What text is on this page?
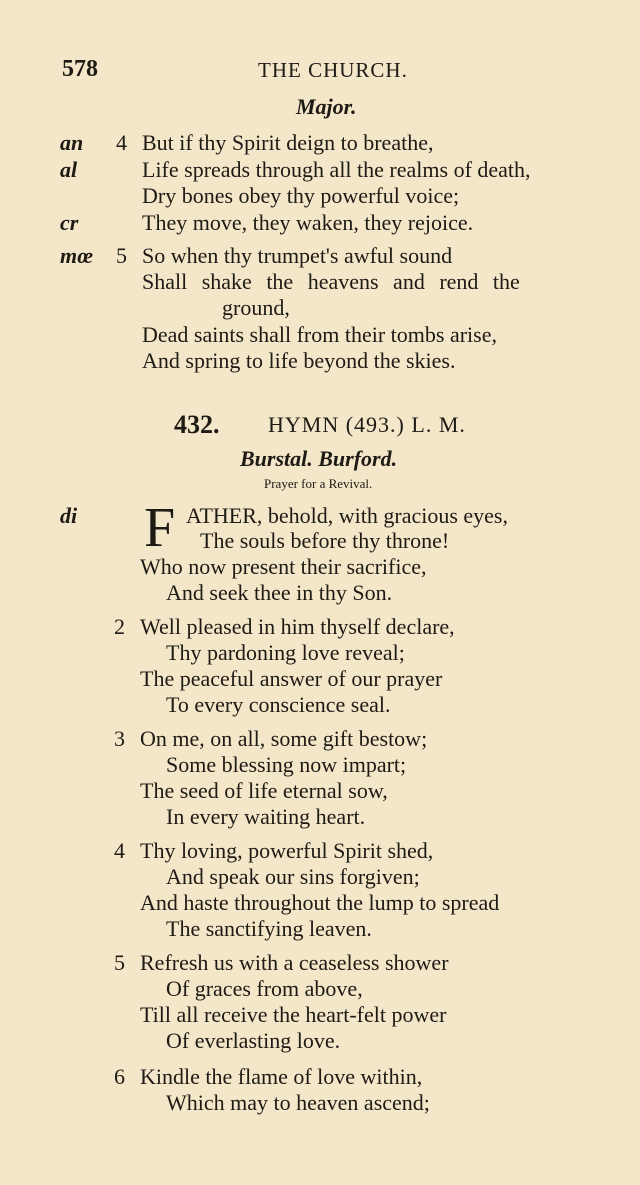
578	THE CHURCH.
Major.
an
al
cr
mœ
4 But if thy Spirit deign to breathe,
Life spreads through all the realms of death,
Dry bones obey thy powerful voice;
They move, they waken, they rejoice.
5 So when thy trumpet's awful sound
Shall shake the heavens and rend the
ground,
Dead saints shall from their tombs arise,
And spring to life beyond the skies.
432. HYMN (493.) L. M.
Burstal. Burford.
Prayer for a Revival.
di F ATHER, behold, with gracious eyes,
The souls before thy throne!
Who now present their sacrifice,
And seek thee in thy Son.
2 Well pleased in him thyself declare,
Thy pardoning love reveal;
The peaceful answer of our prayer
To every conscience seal.
3 On me, on all, some gift bestow;
Some blessing now impart;
The seed of life eternal sow,
In every waiting heart.
4 Thy loving, powerful Spirit shed,
And speak our sins forgiven;
And haste throughout the lump to spread
The sanctifying leaven.
5 Refresh us with a ceaseless shower
Of graces from above,
Till all receive the heart-felt power
Of everlasting love.
6 Kindle the flame of love within,
Which may to heaven ascend;
